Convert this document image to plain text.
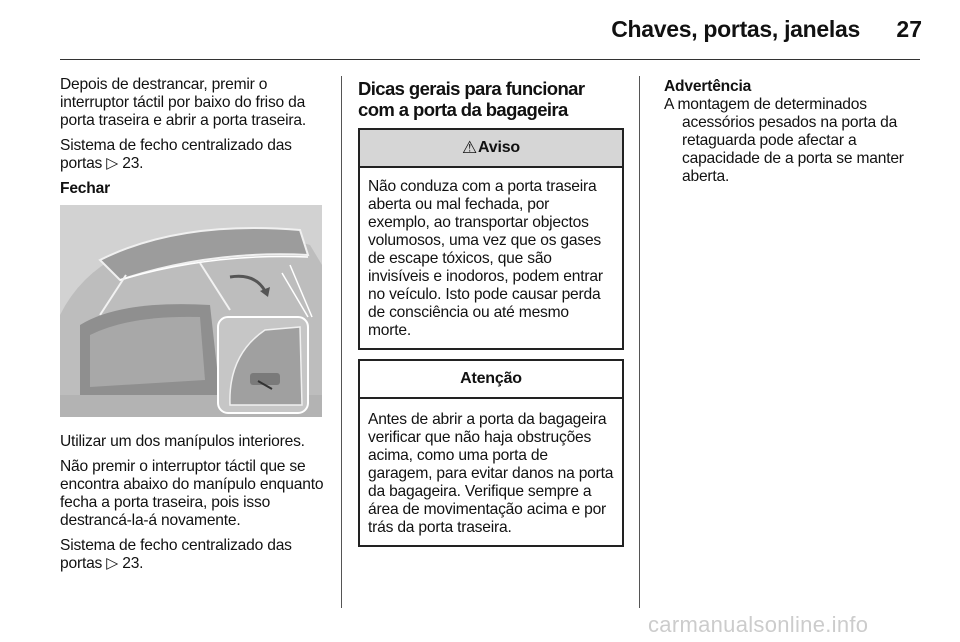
Chaves, portas, janelas	27

Depois de destrancar, premir o interruptor táctil por baixo do friso da porta traseira e abrir a porta traseira.

Sistema de fecho centralizado das portas ▷ 23.

Fechar

Utilizar um dos manípulos interiores.

Não premir o interruptor táctil que se encontra abaixo do manípulo enquanto fecha a porta traseira, pois isso destrancá-la-á novamente.

Sistema de fecho centralizado das portas ▷ 23.

Dicas gerais para funcionar com a porta da bagageira
⚠ Aviso
Não conduza com a porta traseira aberta ou mal fechada, por exemplo, ao transportar objectos volumosos, uma vez que os gases de escape tóxicos, que são invisíveis e inodoros, podem entrar no veículo. Isto pode causar perda de consciência ou até mesmo morte.
Atenção
Antes de abrir a porta da bagageira verificar que não haja obstruções acima, como uma porta de garagem, para evitar danos na porta da bagageira. Verifique sempre a área de movimentação acima e por trás da porta traseira.
Advertência
A montagem de determinados acessórios pesados na porta da retaguarda pode afectar a capacidade de a porta se manter aberta.
carmanualsonline.info
